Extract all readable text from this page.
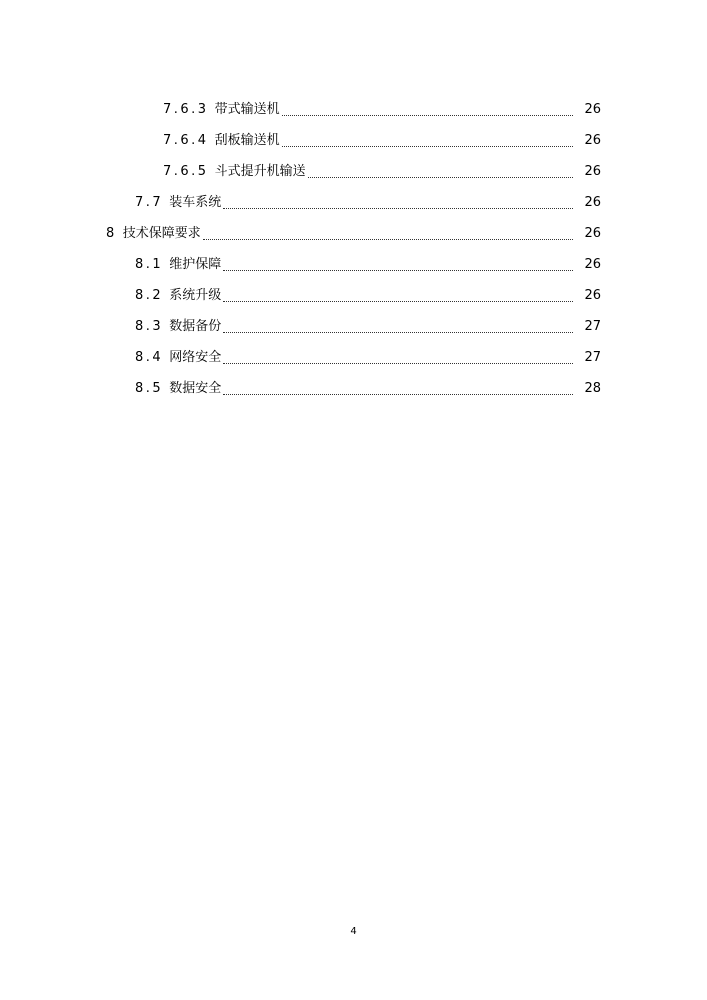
7.6.3 带式输送机	26
7.6.4 刮板输送机	26
7.6.5 斗式提升机输送	26
7.7 装车系统	26
8 技术保障要求	26
8.1 维护保障	26
8.2 系统升级	26
8.3 数据备份	27
8.4 网络安全	27
8.5 数据安全	28
4
